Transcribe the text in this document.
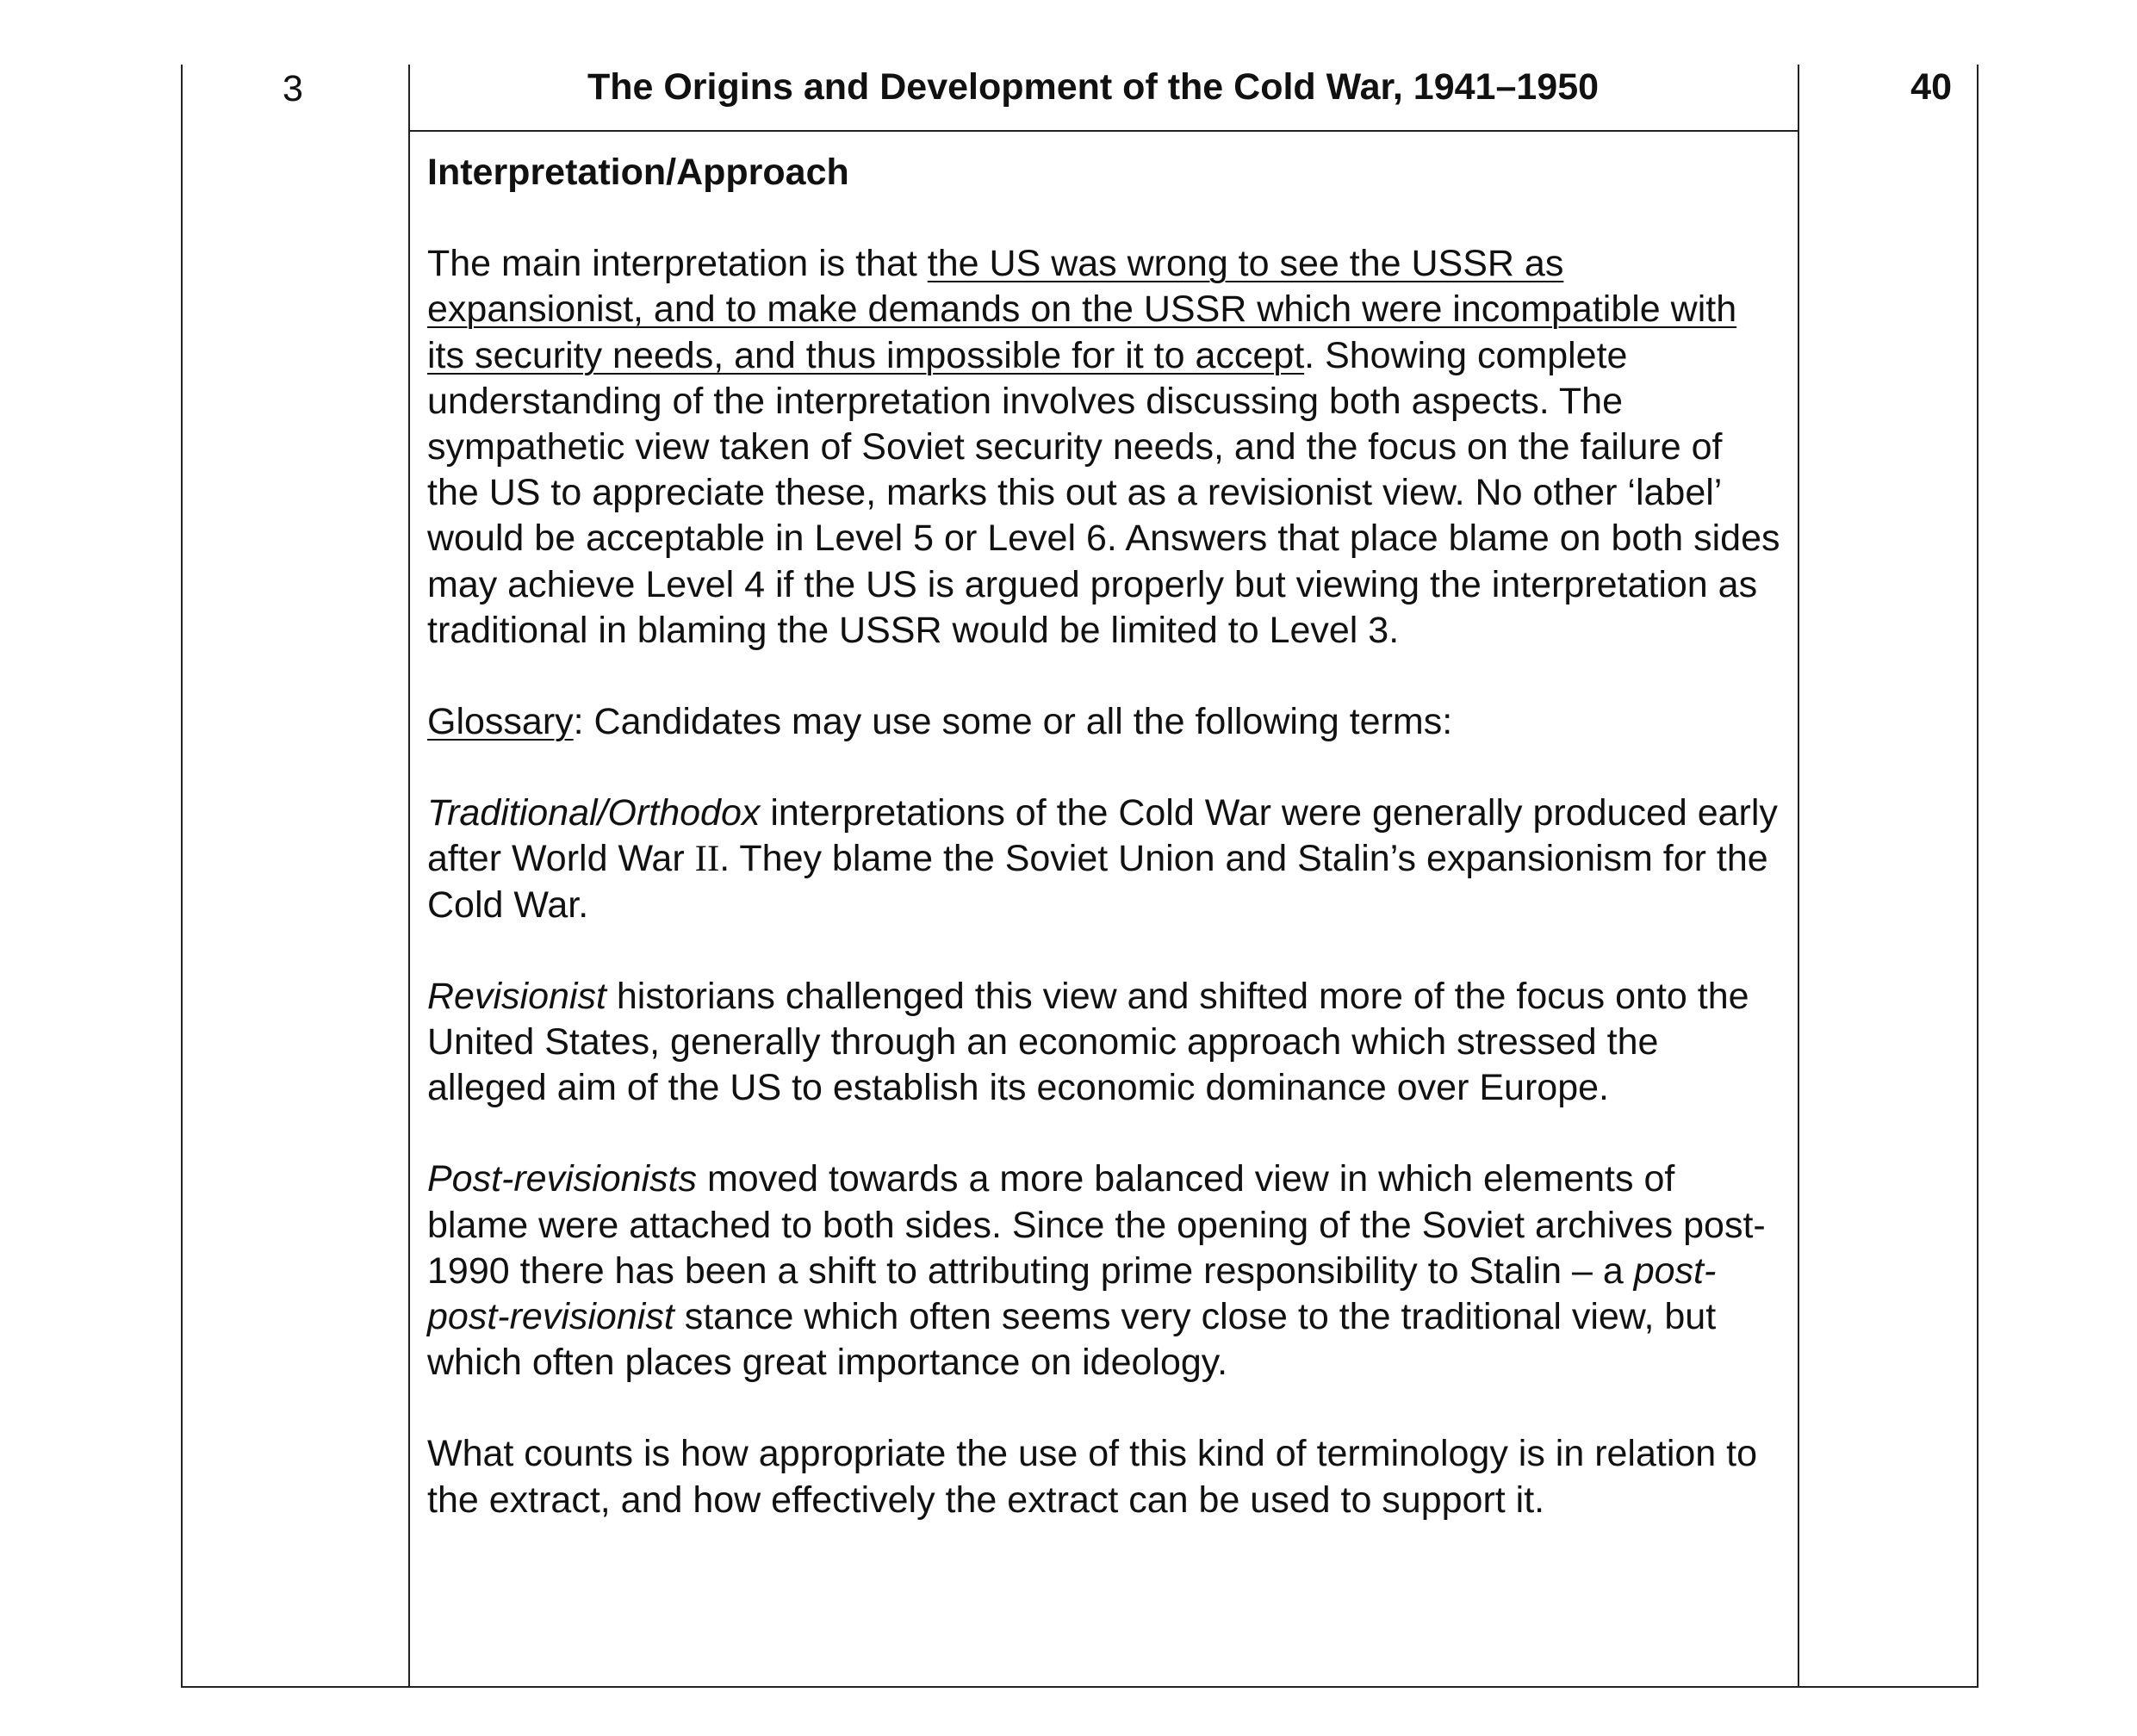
3	The Origins and Development of the Cold War, 1941–1950	40

Interpretation/Approach

The main interpretation is that the US was wrong to see the USSR as expansionist, and to make demands on the USSR which were incompatible with its security needs, and thus impossible for it to accept. Showing complete understanding of the interpretation involves discussing both aspects. The sympathetic view taken of Soviet security needs, and the focus on the failure of the US to appreciate these, marks this out as a revisionist view. No other ‘label’ would be acceptable in Level 5 or Level 6. Answers that place blame on both sides may achieve Level 4 if the US is argued properly but viewing the interpretation as traditional in blaming the USSR would be limited to Level 3.

Glossary: Candidates may use some or all the following terms:

Traditional/Orthodox interpretations of the Cold War were generally produced early after World War II. They blame the Soviet Union and Stalin’s expansionism for the Cold War.

Revisionist historians challenged this view and shifted more of the focus onto the United States, generally through an economic approach which stressed the alleged aim of the US to establish its economic dominance over Europe.

Post-revisionists moved towards a more balanced view in which elements of blame were attached to both sides. Since the opening of the Soviet archives post-1990 there has been a shift to attributing prime responsibility to Stalin – a post-post-revisionist stance which often seems very close to the traditional view, but which often places great importance on ideology.

What counts is how appropriate the use of this kind of terminology is in relation to the extract, and how effectively the extract can be used to support it.
